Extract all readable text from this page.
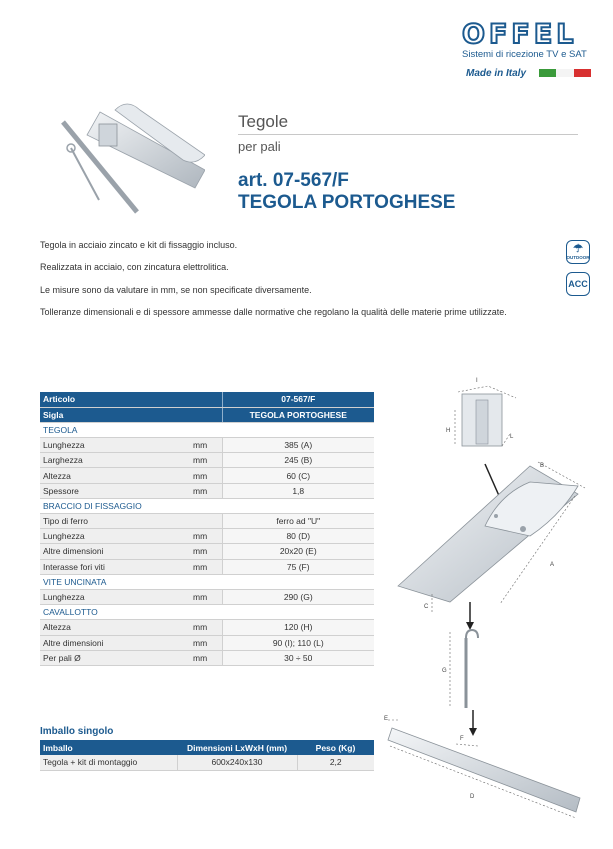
OFFEL
Sistemi di ricezione TV e SAT
Made in Italy
Tegole
per pali
art. 07-567/F
TEGOLA PORTOGHESE
Tegola in acciaio zincato e kit di fissaggio incluso.
Realizzata in acciaio, con zincatura elettrolitica.
Le misure sono da valutare in mm, se non specificate diversamente.
Tolleranze dimensionali e di spessore ammesse dalle normative che regolano la qualità delle materie prime utilizzate.
☂
OUTDOOR
ACC
Articolo		07-567/F
Sigla		TEGOLA PORTOGHESE
TEGOLA		
Lunghezza	mm	385 (A)
Larghezza	mm	245 (B)
Altezza	mm	60 (C)
Spessore	mm	1,8
BRACCIO DI FISSAGGIO		
Tipo di ferro		ferro ad "U"
Lunghezza	mm	80 (D)
Altre dimensioni	mm	20x20 (E)
Interasse fori viti	mm	75 (F)
VITE UNCINATA		
Lunghezza	mm	290 (G)
CAVALLOTTO		
Altezza	mm	120 (H)
Altre dimensioni	mm	90 (I); 110 (L)
Per pali Ø	mm	30 ÷ 50
Imballo singolo
Imballo	Dimensioni LxWxH (mm)	Peso (Kg)
Tegola + kit di montaggio	600x240x130	2,2
I
H
L
B
A
C
G
E
F
D
